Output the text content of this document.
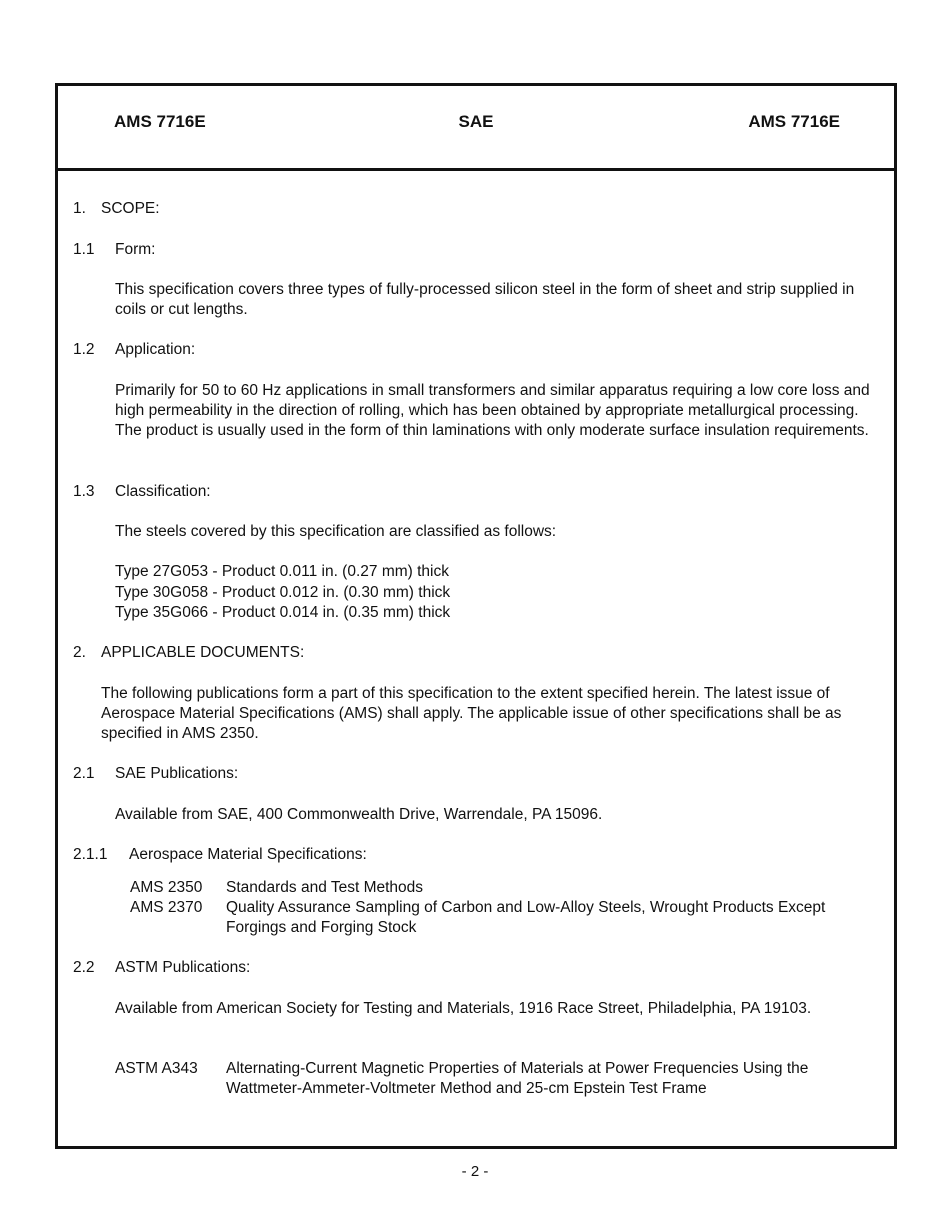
AMS 7716E	SAE	AMS 7716E
1. SCOPE:
1.1 Form:
This specification covers three types of fully-processed silicon steel in the form of sheet and strip supplied in coils or cut lengths.
1.2 Application:
Primarily for 50 to 60 Hz applications in small transformers and similar apparatus requiring a low core loss and high permeability in the direction of rolling, which has been obtained by appropriate metallurgical processing. The product is usually used in the form of thin laminations with only moderate surface insulation requirements.
1.3 Classification:
The steels covered by this specification are classified as follows:
Type 27G053 - Product 0.011 in. (0.27 mm) thick
Type 30G058 - Product 0.012 in. (0.30 mm) thick
Type 35G066 - Product 0.014 in. (0.35 mm) thick
2. APPLICABLE DOCUMENTS:
The following publications form a part of this specification to the extent specified herein. The latest issue of Aerospace Material Specifications (AMS) shall apply. The applicable issue of other specifications shall be as specified in AMS 2350.
2.1 SAE Publications:
Available from SAE, 400 Commonwealth Drive, Warrendale, PA 15096.
2.1.1 Aerospace Material Specifications:
AMS 2350 Standards and Test Methods
AMS 2370 Quality Assurance Sampling of Carbon and Low-Alloy Steels, Wrought Products Except Forgings and Forging Stock
2.2 ASTM Publications:
Available from American Society for Testing and Materials, 1916 Race Street, Philadelphia, PA 19103.
ASTM A343 Alternating-Current Magnetic Properties of Materials at Power Frequencies Using the Wattmeter-Ammeter-Voltmeter Method and 25-cm Epstein Test Frame
- 2 -
